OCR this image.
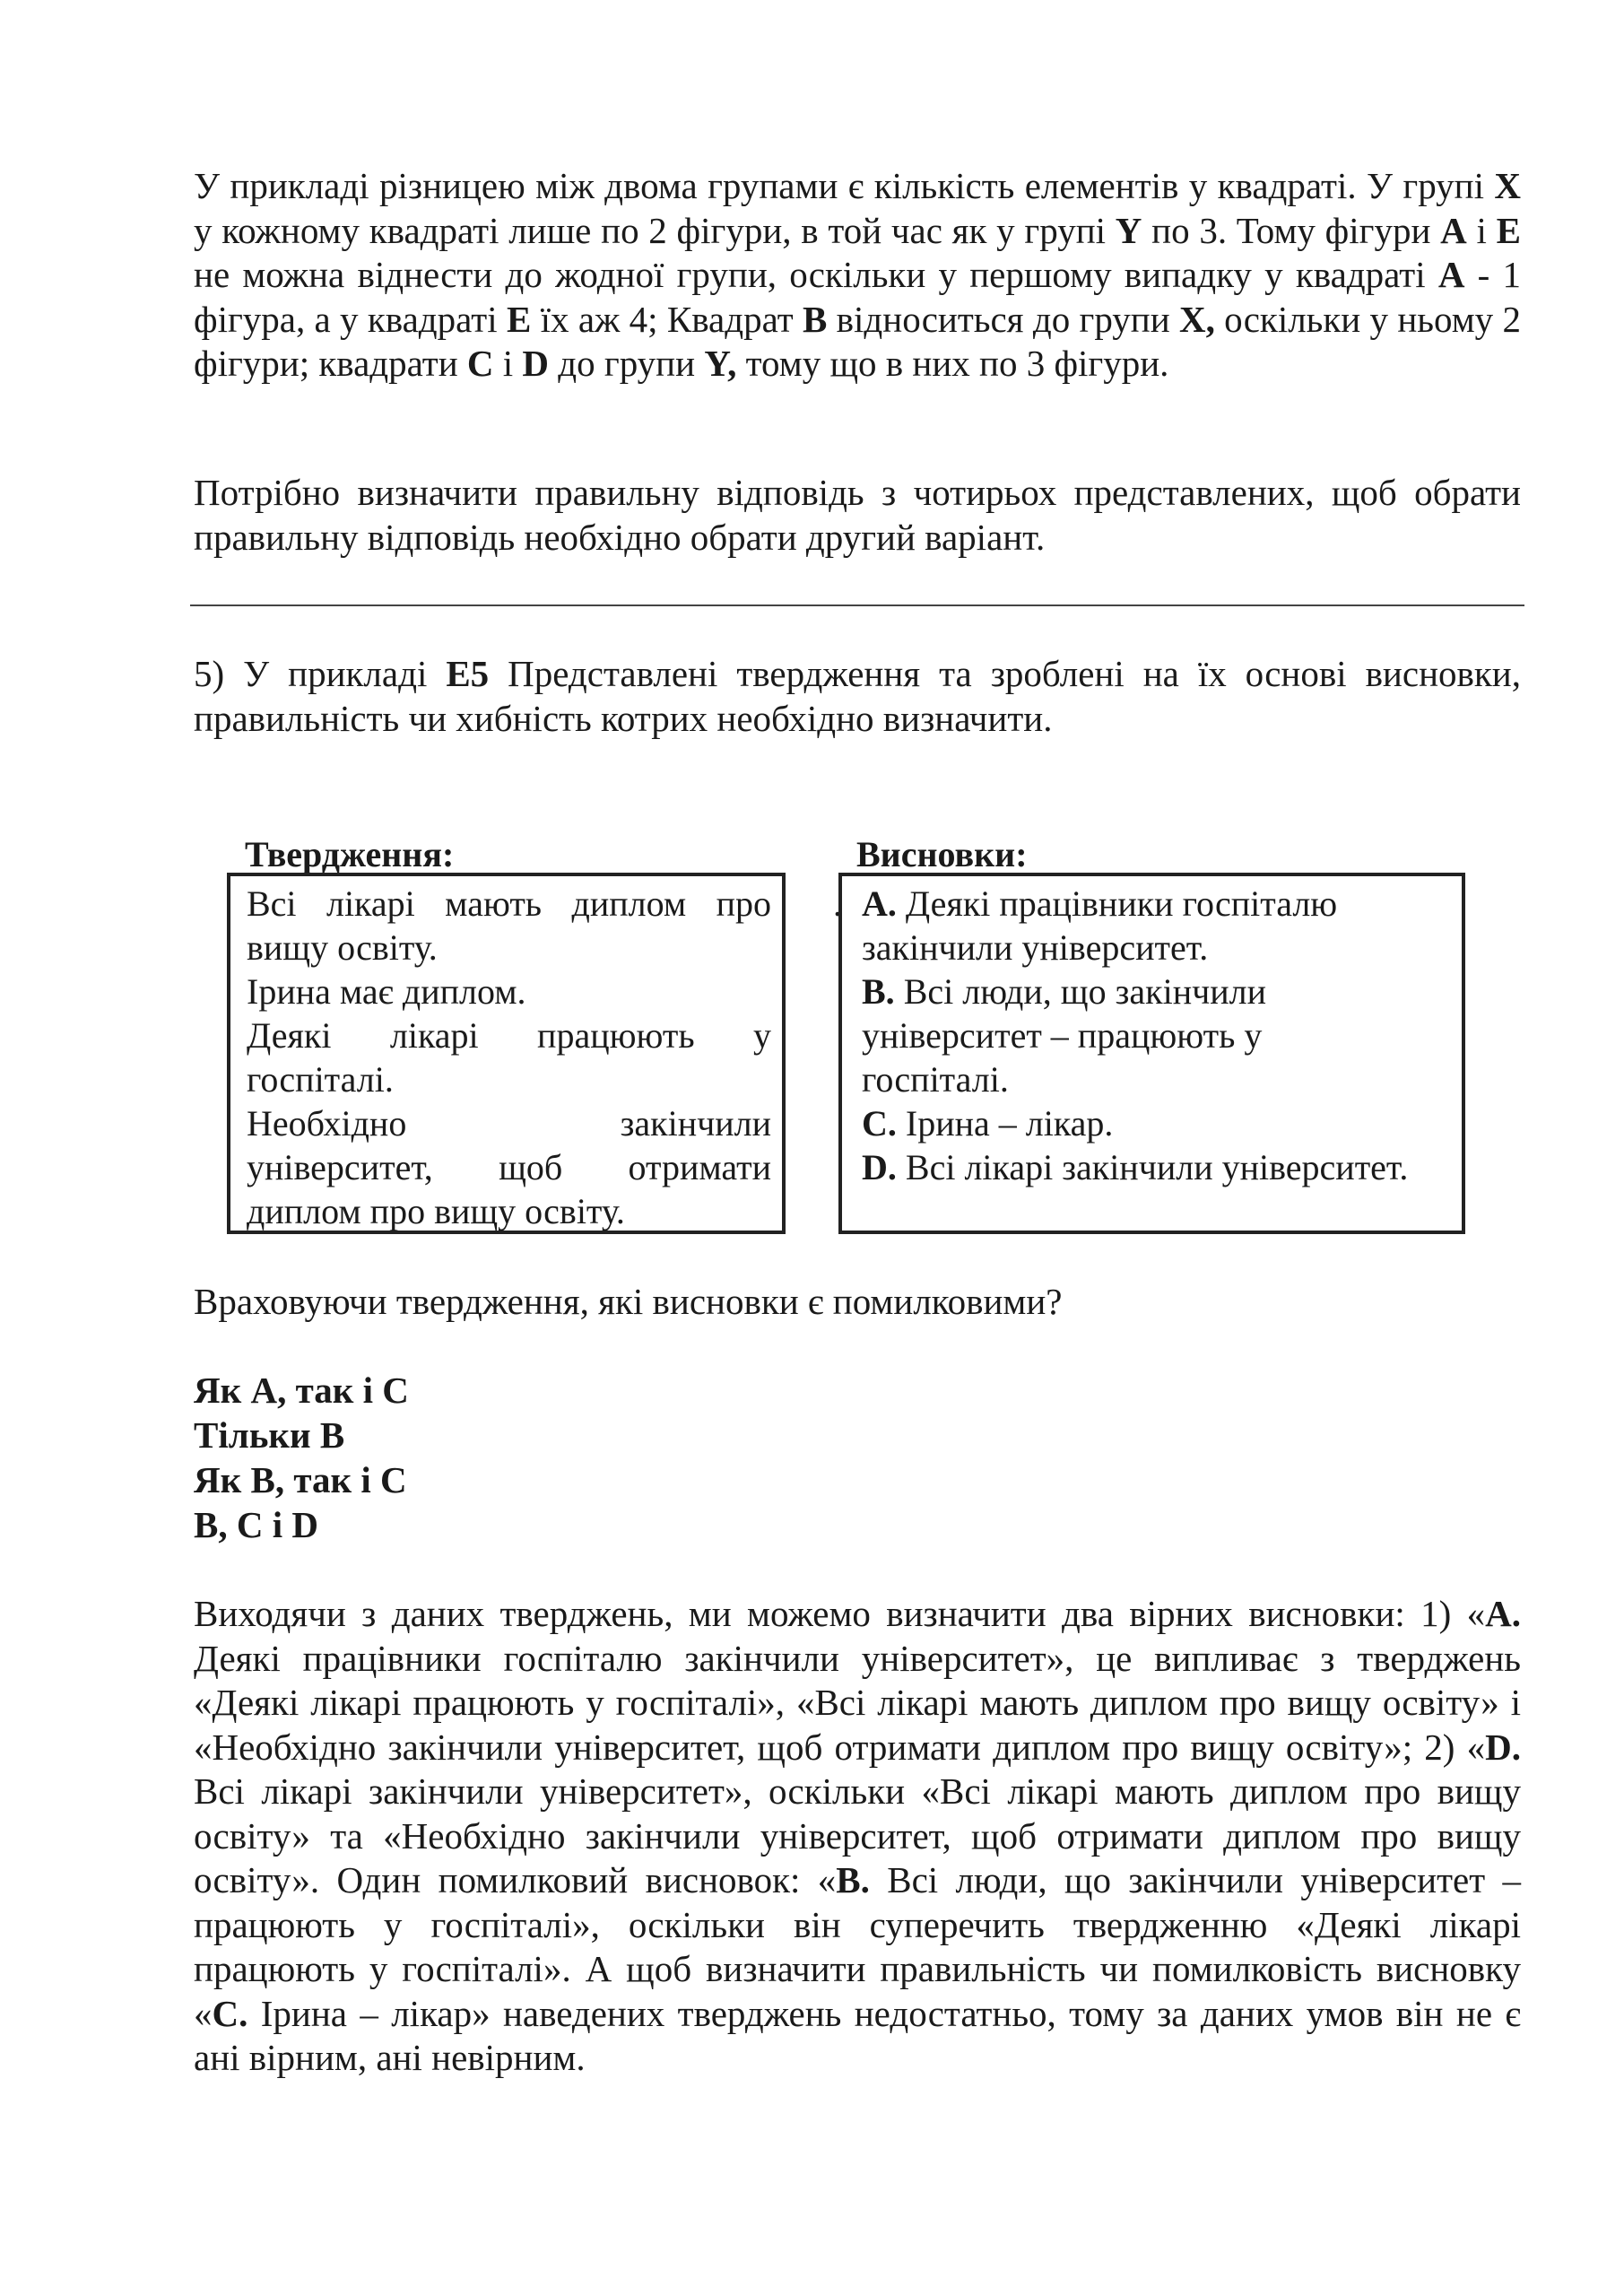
У прикладі різницею між двома групами є кількість елементів у квадраті. У групі X у кожному квадраті лише по 2 фігури, в той час як у групі Y по 3. Тому фігури А і Е не можна віднести до жодної групи, оскільки у першому випадку у квадраті А - 1 фігура, а у квадраті Е їх аж 4; Квадрат В відноситься до групи X, оскільки у ньому 2 фігури; квадрати С і D до групи Y, тому що в них по 3 фігури.

Потрібно визначити правильну відповідь з чотирьох представлених, щоб обрати правильну відповідь необхідно обрати другий варіант.

5) У прикладі E5 Представлені твердження та зроблені на їх основі висновки, правильність чи хибність котрих необхідно визначити.

Твердження:	Висновки:
Всі лікарі мають диплом про
вищу освіту.
Ірина має диплом.
Деякі лікарі працюють у
госпіталі.
Необхідно закінчили
університет, щоб отримати
диплом про вищу освіту.
. А. Деякі працівники госпіталю
закінчили університет.
B. Всі люди, що закінчили
університет – працюють у
госпіталі.
C. Ірина – лікар.
D. Всі лікарі закінчили університет.

Враховуючи твердження, які висновки є помилковими?

Як А, так і С
Тільки В
Як В, так і С
В, С і D

Виходячи з даних тверджень, ми можемо визначити два вірних висновки: 1) «А. Деякі працівники госпіталю закінчили університет», це випливає з тверджень «Деякі лікарі працюють у госпіталі», «Всі лікарі мають диплом про вищу освіту» і «Необхідно закінчили університет, щоб отримати диплом про вищу освіту»; 2) «D. Всі лікарі закінчили університет», оскільки «Всі лікарі мають диплом про вищу освіту» та «Необхідно закінчили університет, щоб отримати диплом про вищу освіту». Один помилковий висновок: «В. Всі люди, що закінчили університет – працюють у госпіталі», оскільки він суперечить твердженню «Деякі лікарі працюють у госпіталі». А щоб визначити правильність чи помилковість висновку «С. Ірина – лікар» наведених тверджень недостатньо, тому за даних умов він не є ані вірним, ані невірним.
